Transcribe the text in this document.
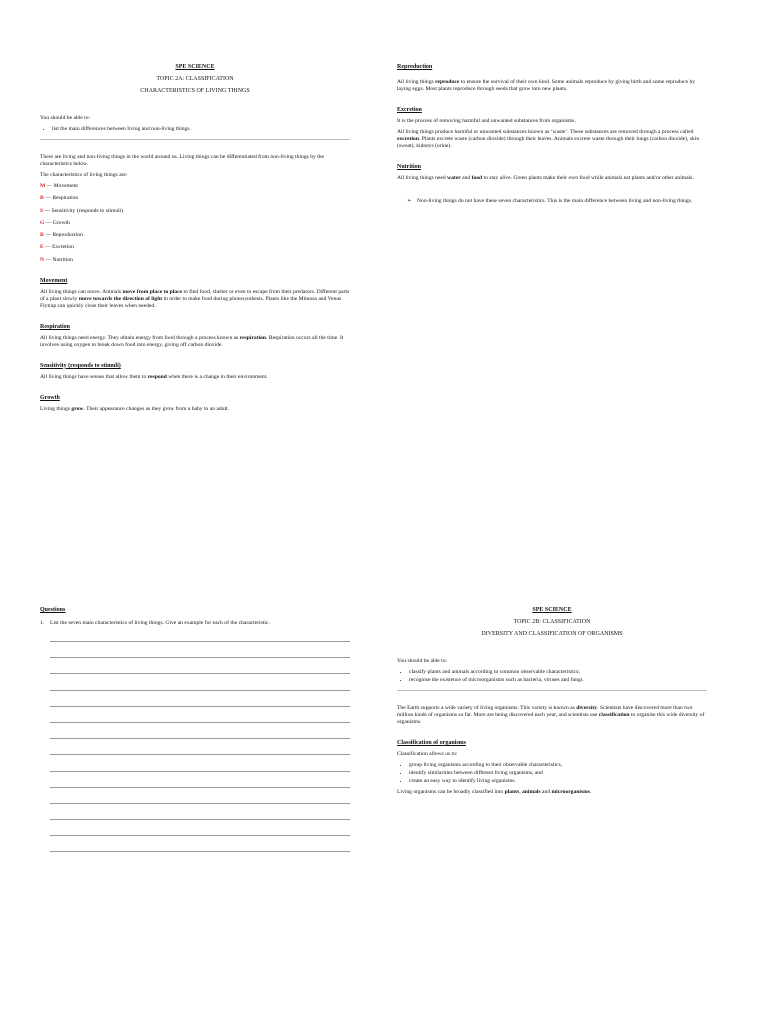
SPE SCIENCE
TOPIC 2A: CLASSIFICATION
CHARACTERISTICS OF LIVING THINGS

You should be able to:

• list the main differences between living and non-living things.

There are living and non-living things in the world around us. Living things can be differentiated from non-living things by the characteristics below.

The characteristics of living things are:

M — Movement
R — Respiration
S — Sensitivity (responds to stimuli)
G — Growth
R — Reproduction
E — Excretion
N — Nutrition
Movement

All living things can move. Animals move from place to place to find food, shelter or even to escape from their predators. Different parts of a plant slowly move towards the direction of light in order to make food during photosynthesis. Plants like the Mimosa and Venus Flytrap can quickly close their leaves when needed.

Respiration

All living things need energy. They obtain energy from food through a process known as respiration. Respiration occurs all the time. It involves using oxygen to break down food into energy, giving off carbon dioxide.

Sensitivity (responds to stimuli)

All living things have senses that allow them to respond when there is a change in their environment.

Growth

Living things grow. Their appearance changes as they grow from a baby to an adult.

Reproduction

All living things reproduce to ensure the survival of their own kind. Some animals reproduce by giving birth and some reproduce by laying eggs. Most plants reproduce through seeds that grow into new plants.

Excretion

It is the process of removing harmful and unwanted substances from organisms.

All living things produce harmful or unwanted substances known as ‘waste’. These substances are removed through a process called excretion. Plants excrete waste (carbon dioxide) through their leaves. Animals excrete waste through their lungs (carbon dioxide), skin (sweat), kidneys (urine).

Nutrition

All living things need water and food to stay alive. Green plants make their own food while animals eat plants and/or other animals.

➢ Non-living things do not have these seven characteristics. This is the main difference between living and non-living things.
Questions
1.	List the seven main characteristics of living things. Give an example for each of the characteristic.
SPE SCIENCE
TOPIC 2B: CLASSIFICATION
DIVERSITY AND CLASSIFICATION OF ORGANISMS

You should be able to:

• classify plants and animals according to common observable characteristics;
• recognise the existence of microorganisms such as bacteria, viruses and fungi.

The Earth supports a wide variety of living organisms. This variety is known as diversity. Scientists have discovered more than two million kinds of organisms so far. More are being discovered each year, and scientists use classification to organise this wide diversity of organisms.

Classification of organisms

Classification allows us to:

• group living organisms according to their observable characteristics,
• identify similarities between different living organisms, and
• create an easy way to identify living organisms.

Living organisms can be broadly classified into plants, animals and microorganisms.
